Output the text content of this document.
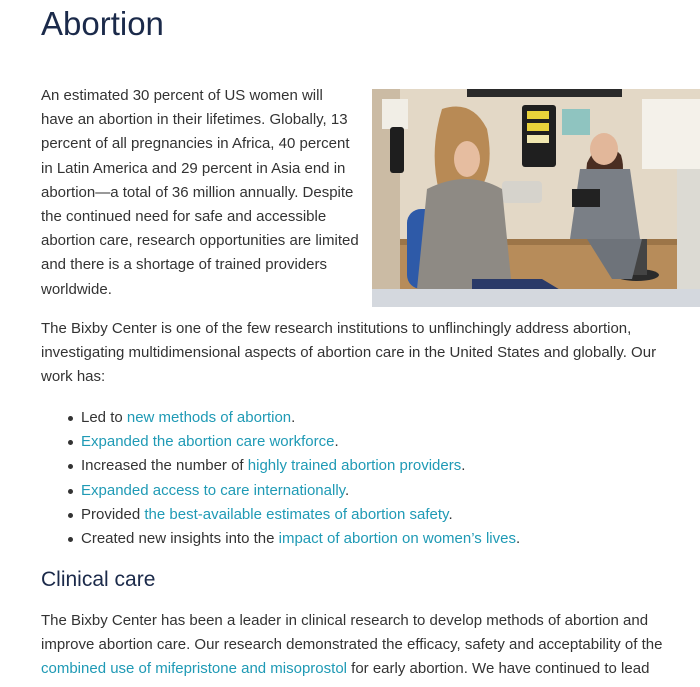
Abortion

An estimated 30 percent of US women will have an abortion in their lifetimes. Globally, 13 percent of all pregnancies in Africa, 40 percent in Latin America and 29 percent in Asia end in abortion—a total of 36 million annually. Despite the continued need for safe and accessible abortion care, research opportunities are limited and there is a shortage of trained providers worldwide.

The Bixby Center is one of the few research institutions to unflinchingly address abortion, investigating multidimensional aspects of abortion care in the United States and globally. Our work has:

Led to new methods of abortion.
Expanded the abortion care workforce.
Increased the number of highly trained abortion providers.
Expanded access to care internationally.
Provided the best-available estimates of abortion safety.
Created new insights into the impact of abortion on women’s lives.
Clinical care

The Bixby Center has been a leader in clinical research to develop methods of abortion and improve abortion care. Our research demonstrated the efficacy, safety and acceptability of the combined use of mifepristone and misoprostol for early abortion. We have continued to lead
